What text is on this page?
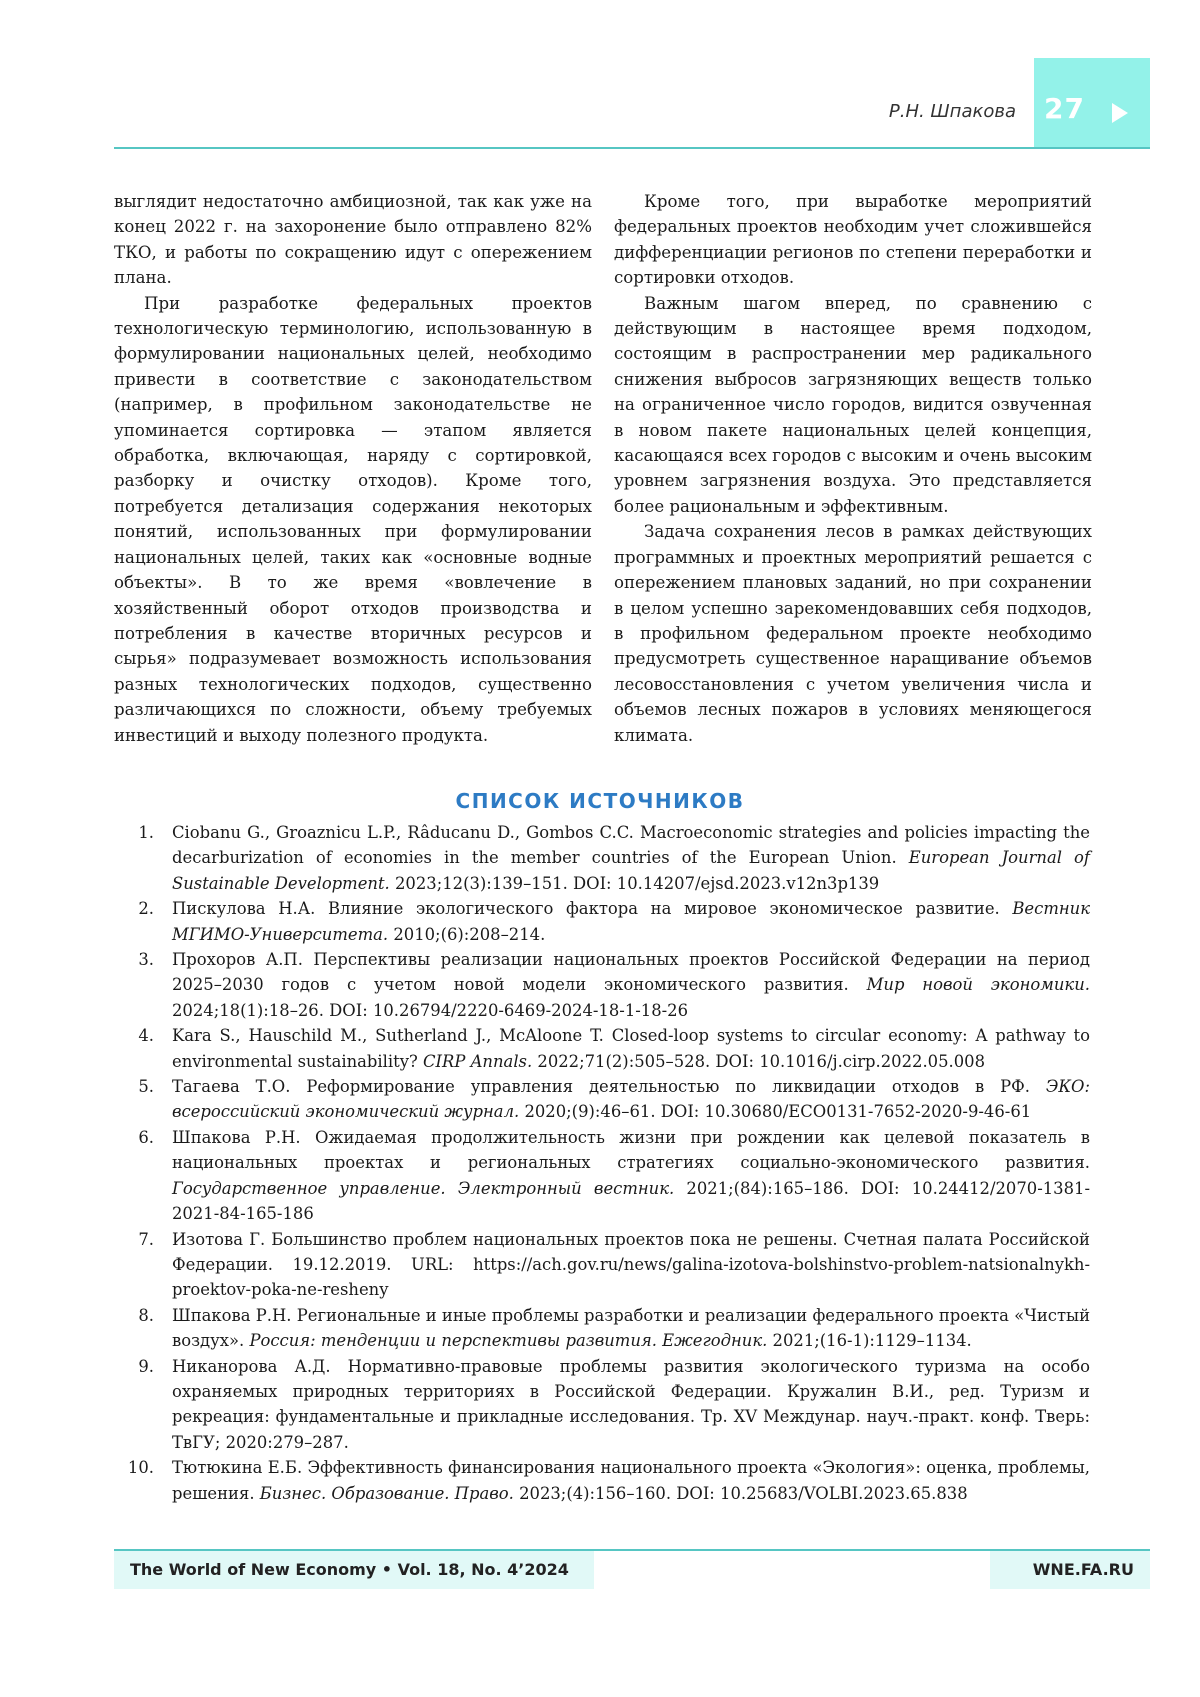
Р.Н. Шпакова 27

выглядит недостаточно амбициозной, так как уже на конец 2022 г. на захоронение было отправлено 82% ТКО, и работы по сокращению идут с опережением плана.

При разработке федеральных проектов технологическую терминологию, использованную в формулировании национальных целей, необходимо привести в соответствие с законодательством (например, в профильном законодательстве не упоминается сортировка — этапом является обработка, включающая, наряду с сортировкой, разборку и очистку отходов). Кроме того, потребуется детализация содержания некоторых понятий, использованных при формулировании национальных целей, таких как «основные водные объекты». В то же время «вовлечение в хозяйственный оборот отходов производства и потребления в качестве вторичных ресурсов и сырья» подразумевает возможность использования разных технологических подходов, существенно различающихся по сложности, объему требуемых инвестиций и выходу полезного продукта.

Кроме того, при выработке мероприятий федеральных проектов необходим учет сложившейся дифференциации регионов по степени переработки и сортировки отходов.

Важным шагом вперед, по сравнению с действующим в настоящее время подходом, состоящим в распространении мер радикального снижения выбросов загрязняющих веществ только на ограниченное число городов, видится озвученная в новом пакете национальных целей концепция, касающаяся всех городов с высоким и очень высоким уровнем загрязнения воздуха. Это представляется более рациональным и эффективным.

Задача сохранения лесов в рамках действующих программных и проектных мероприятий решается с опережением плановых заданий, но при сохранении в целом успешно зарекомендовавших себя подходов, в профильном федеральном проекте необходимо предусмотреть существенное наращивание объемов лесовосстановления с учетом увеличения числа и объемов лесных пожаров в условиях меняющегося климата.

СПИСОК ИСТОЧНИКОВ
1. Ciobanu G., Groaznicu L.P., Râducanu D., Gombos C.C. Macroeconomic strategies and policies impacting the decarburization of economies in the member countries of the European Union. European Journal of Sustainable Development. 2023;12(3):139–151. DOI: 10.14207/ejsd.2023.v12n3p139
2. Пискулова Н.А. Влияние экологического фактора на мировое экономическое развитие. Вестник МГИМО-Университета. 2010;(6):208–214.
3. Прохоров А.П. Перспективы реализации национальных проектов Российской Федерации на период 2025–2030 годов с учетом новой модели экономического развития. Мир новой экономики. 2024;18(1):18–26. DOI: 10.26794/2220-6469-2024-18-1-18-26
4. Kara S., Hauschild M., Sutherland J., McAloone T. Closed-loop systems to circular economy: A pathway to environmental sustainability? CIRP Annals. 2022;71(2):505–528. DOI: 10.1016/j.cirp.2022.05.008
5. Тагаева Т.О. Реформирование управления деятельностью по ликвидации отходов в РФ. ЭКО: всероссийский экономический журнал. 2020;(9):46–61. DOI: 10.30680/ECO0131-7652-2020-9-46-61
6. Шпакова Р.Н. Ожидаемая продолжительность жизни при рождении как целевой показатель в национальных проектах и региональных стратегиях социально-экономического развития. Государственное управление. Электронный вестник. 2021;(84):165–186. DOI: 10.24412/2070-1381-2021-84-165-186
7. Изотова Г. Большинство проблем национальных проектов пока не решены. Счетная палата Российской Федерации. 19.12.2019. URL: https://ach.gov.ru/news/galina-izotova-bolshinstvo-problem-natsionalnykh-proektov-poka-ne-resheny
8. Шпакова Р.Н. Региональные и иные проблемы разработки и реализации федерального проекта «Чистый воздух». Россия: тенденции и перспективы развития. Ежегодник. 2021;(16-1):1129–1134.
9. Никанорова А.Д. Нормативно-правовые проблемы развития экологического туризма на особо охраняемых природных территориях в Российской Федерации. Кружалин В.И., ред. Туризм и рекреация: фундаментальные и прикладные исследования. Тр. XV Междунар. науч.-практ. конф. Тверь: ТвГУ; 2020:279–287.
10. Тютюкина Е.Б. Эффективность финансирования национального проекта «Экология»: оценка, проблемы, решения. Бизнес. Образование. Право. 2023;(4):156–160. DOI: 10.25683/VOLBI.2023.65.838
The World of New Economy • Vol. 18, No. 4’2024	WNE.FA.RU
